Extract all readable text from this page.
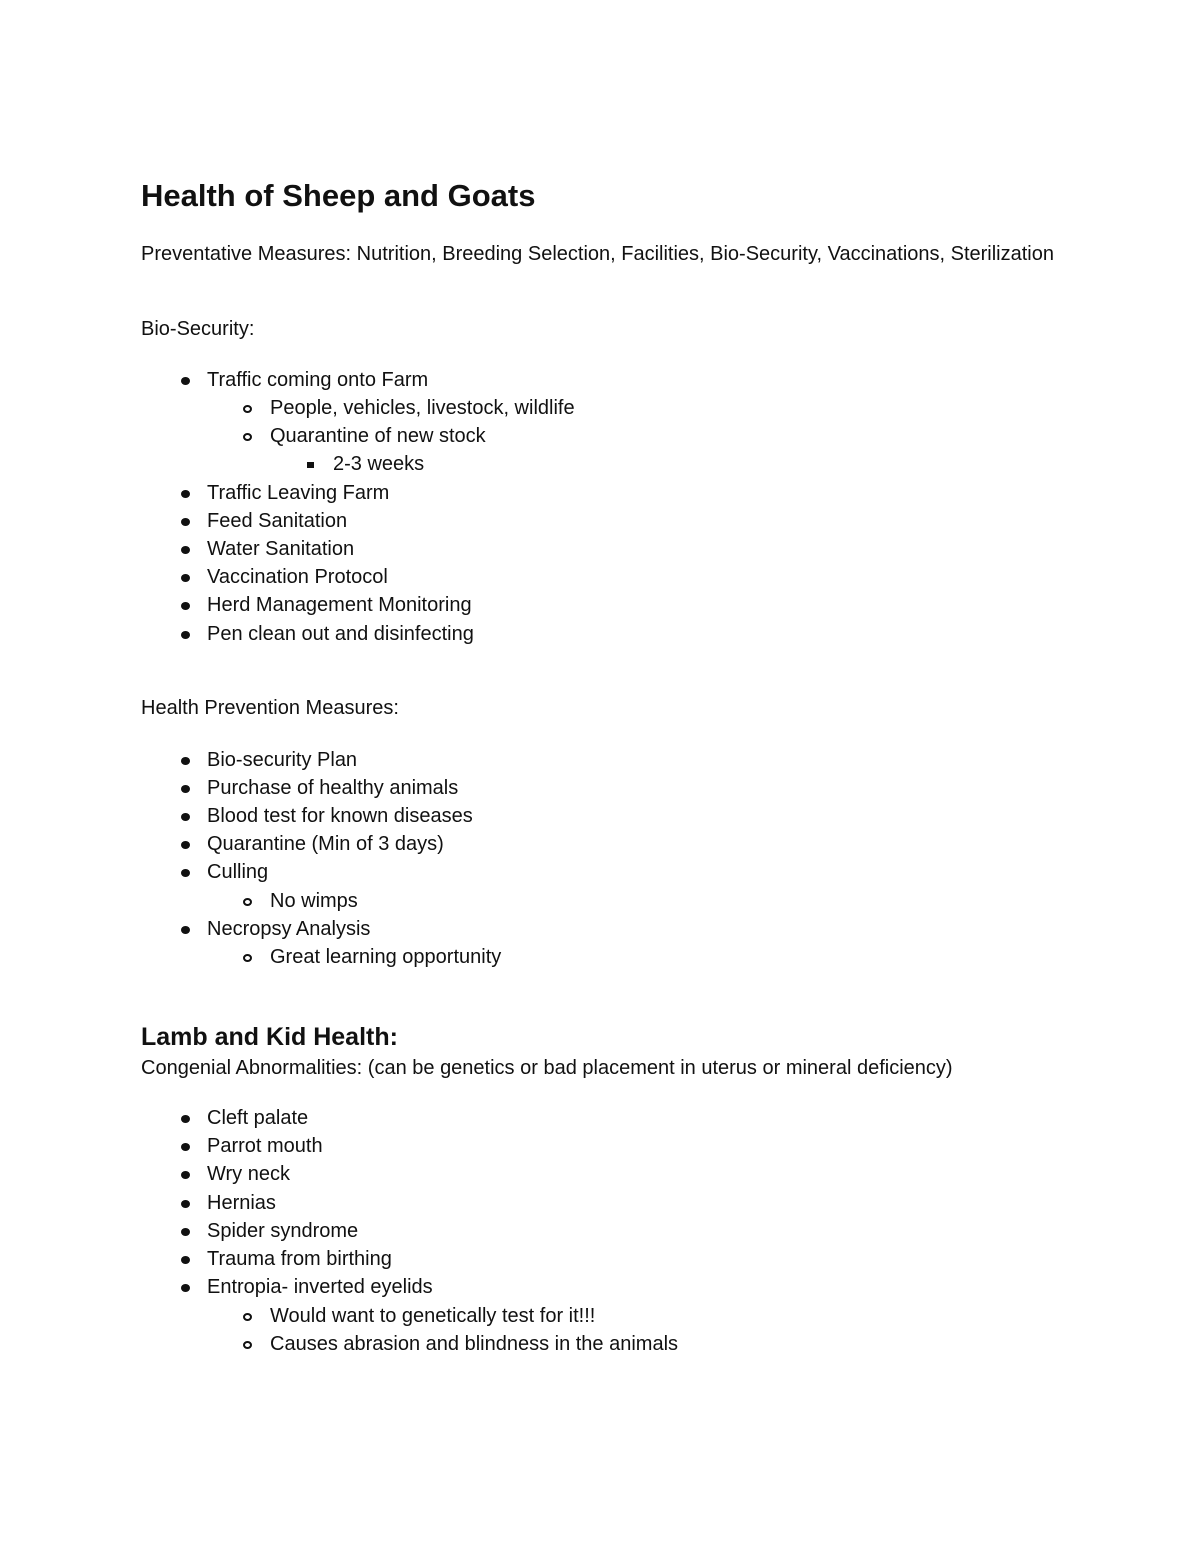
Health of Sheep and Goats

Preventative Measures: Nutrition, Breeding Selection, Facilities, Bio-Security, Vaccinations, Sterilization

Bio-Security:

Traffic coming onto Farm
People, vehicles, livestock, wildlife
Quarantine of new stock
2-3 weeks
Traffic Leaving Farm
Feed Sanitation
Water Sanitation
Vaccination Protocol
Herd Management Monitoring
Pen clean out and disinfecting

Health Prevention Measures:

Bio-security Plan
Purchase of healthy animals
Blood test for known diseases
Quarantine (Min of 3 days)
Culling
No wimps
Necropsy Analysis
Great learning opportunity
Lamb and Kid Health:

Congenial Abnormalities: (can be genetics or bad placement in uterus or mineral deficiency)

Cleft palate
Parrot mouth
Wry neck
Hernias
Spider syndrome
Trauma from birthing
Entropia- inverted eyelids
Would want to genetically test for it!!!
Causes abrasion and blindness in the animals
